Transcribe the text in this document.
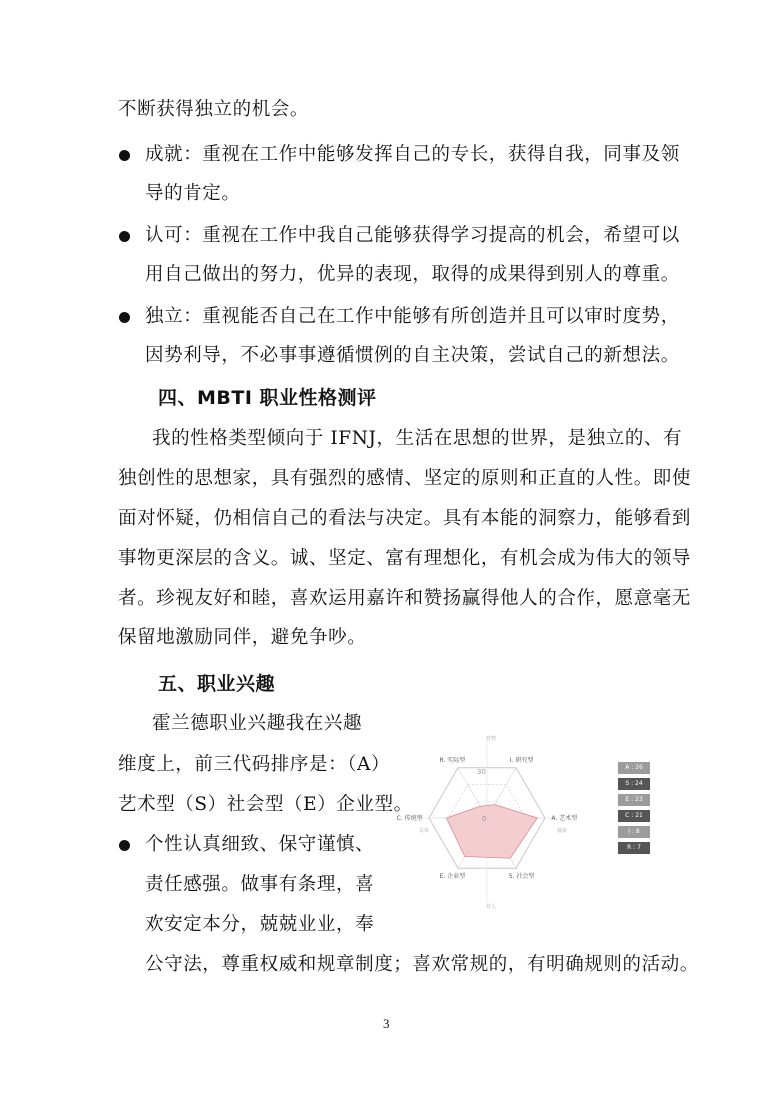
不断获得独立的机会。
成就：重视在工作中能够发挥自己的专长，获得自我，同事及领
导的肯定。
认可：重视在工作中我自己能够获得学习提高的机会，希望可以
用自己做出的努力，优异的表现，取得的成果得到别人的尊重。
独立：重视能否自己在工作中能够有所创造并且可以审时度势，
因势利导，不必事事遵循惯例的自主决策，尝试自己的新想法。
四、MBTI 职业性格测评
我的性格类型倾向于 IFNJ，生活在思想的世界，是独立的、有
独创性的思想家，具有强烈的感情、坚定的原则和正直的人性。即使
面对怀疑，仍相信自己的看法与决定。具有本能的洞察力，能够看到
事物更深层的含义。诚、坚定、富有理想化，有机会成为伟大的领导
者。珍视友好和睦，喜欢运用嘉许和赞扬赢得他人的合作，愿意毫无
保留地激励同伴，避免争吵。
五、职业兴趣
霍兰德职业兴趣我在兴趣
维度上，前三代码排序是：（A）
艺术型（S）社会型（E）企业型。
个性认真细致、保守谨慎、
责任感强。做事有条理，喜
欢安定本分，兢兢业业，奉
公守法，尊重权威和规章制度；喜欢常规的，有明确规则的活动。
R. 实际型	I. 研究型
A. 艺术型
S. 社会型
E. 企业型
C. 传统型
30
0
对物
对人
具体	抽象
A : 26
S : 24
E : 23
C : 21
I : 8
R : 7
3
